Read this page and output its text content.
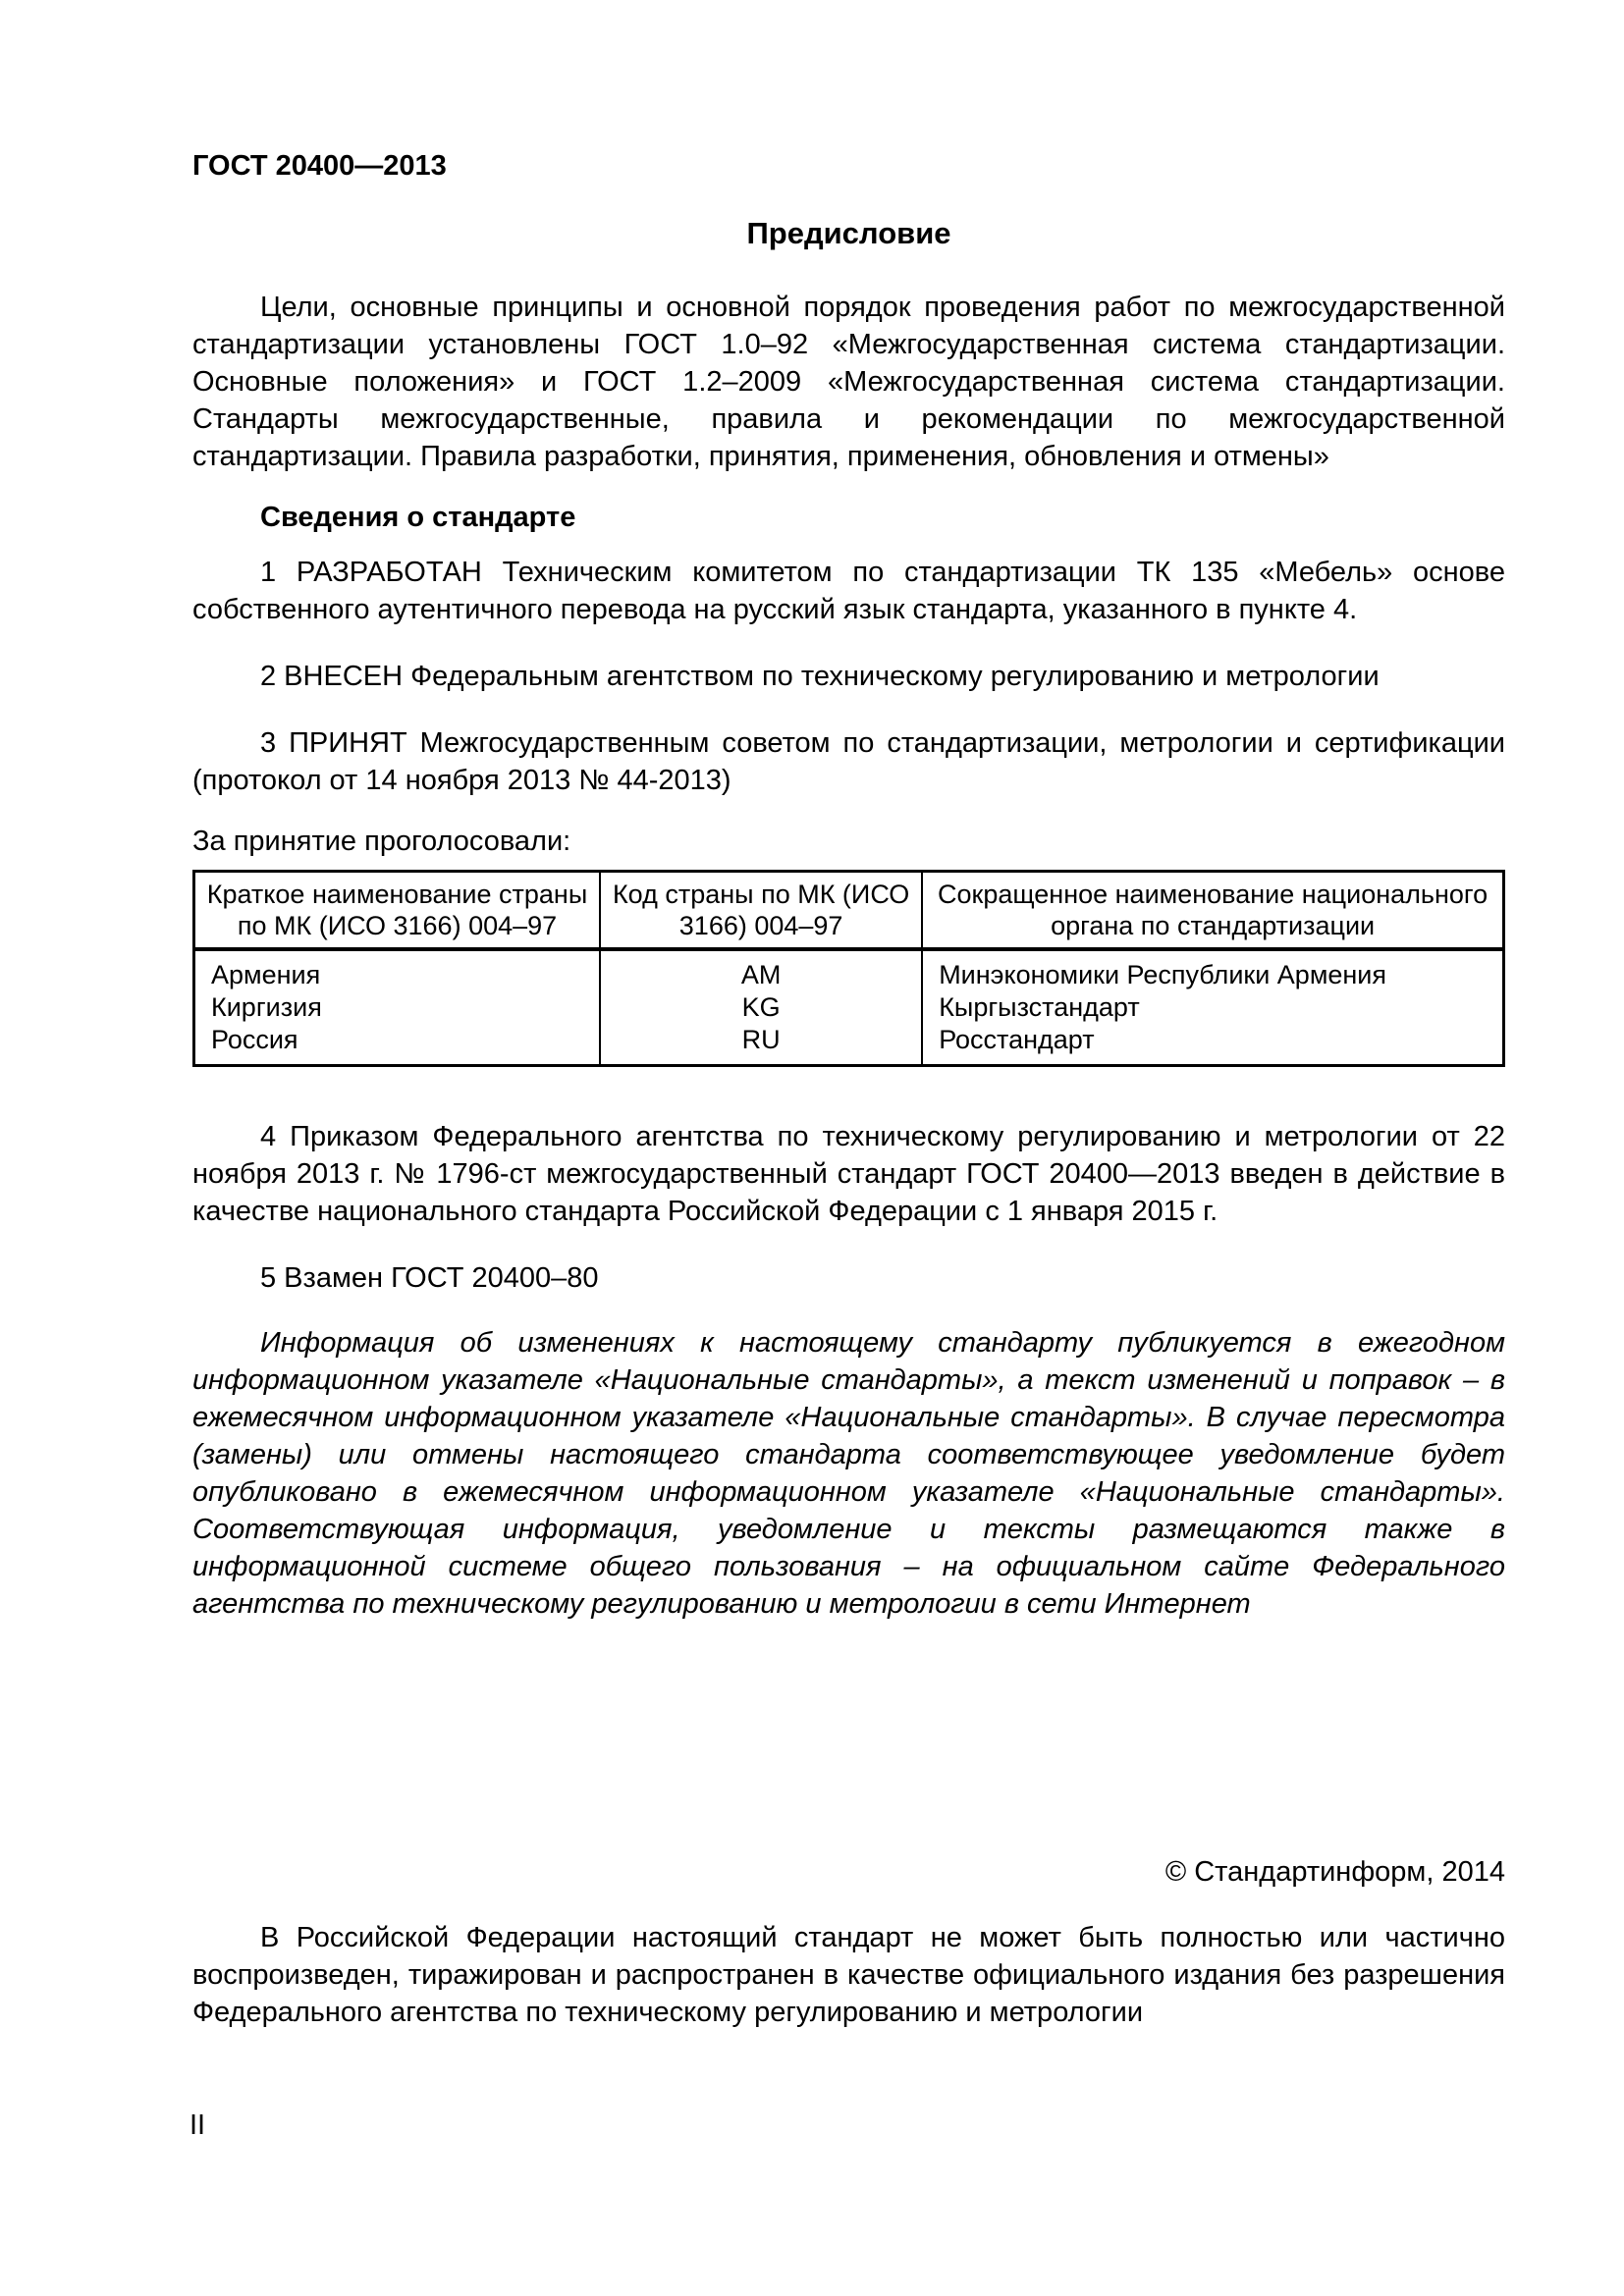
ГОСТ 20400—2013
Предисловие

Цели, основные принципы и основной порядок проведения работ по межгосударственной стандартизации установлены ГОСТ 1.0–92 «Межгосударственная система стандартизации. Основные положения» и ГОСТ 1.2–2009 «Межгосударственная система стандартизации. Стандарты межгосударственные, правила и рекомендации по межгосударственной стандартизации. Правила разработки, принятия, применения, обновления и отмены»

Сведения о стандарте

1 РАЗРАБОТАН Техническим комитетом по стандартизации ТК 135 «Мебель» основе собственного аутентичного перевода на русский язык стандарта, указанного в пункте 4.

2 ВНЕСЕН Федеральным агентством по техническому регулированию и метрологии

3 ПРИНЯТ Межгосударственным советом по стандартизации, метрологии и сертификации (протокол от 14 ноября 2013 № 44-2013)

За принятие проголосовали:

Краткое наименование страны по МК (ИСО 3166) 004–97	Код страны по МК (ИСО 3166) 004–97	Сокращенное наименование национального органа по стандартизации
Армения	AM	Минэкономики Республики Армения
Киргизия	KG	Кыргызстандарт
Россия	RU	Росстандарт

4 Приказом Федерального агентства по техническому регулированию и метрологии от 22 ноября 2013 г. № 1796-ст межгосударственный стандарт ГОСТ 20400—2013 введен в действие в качестве национального стандарта Российской Федерации с 1 января 2015 г.

5 Взамен ГОСТ 20400–80

Информация об изменениях к настоящему стандарту публикуется в ежегодном информационном указателе «Национальные стандарты», а текст изменений и поправок – в ежемесячном информационном указателе «Национальные стандарты». В случае пересмотра (замены) или отмены настоящего стандарта соответствующее уведомление будет опубликовано в ежемесячном информационном указателе «Национальные стандарты». Соответствующая информация, уведомление и тексты размещаются также в информационной системе общего пользования – на официальном сайте Федерального агентства по техническому регулированию и метрологии в сети Интернет

© Стандартинформ, 2014

В Российской Федерации настоящий стандарт не может быть полностью или частично воспроизведен, тиражирован и распространен в качестве официального издания без разрешения Федерального агентства по техническому регулированию и метрологии

II
